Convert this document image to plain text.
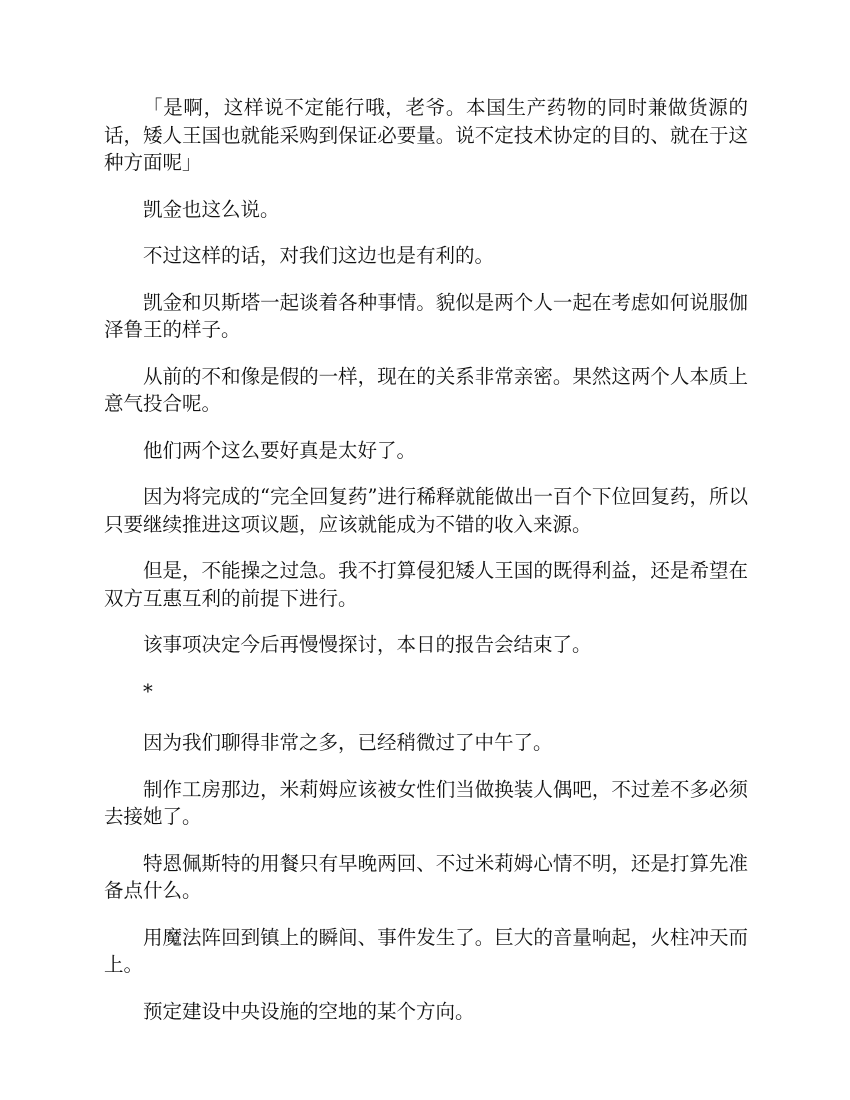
「是啊，这样说不定能行哦，老爷。本国生产药物的同时兼做货源的话，矮人王国也就能采购到保证必要量。说不定技术协定的目的、就在于这种方面呢」

凯金也这么说。

不过这样的话，对我们这边也是有利的。

凯金和贝斯塔一起谈着各种事情。貌似是两个人一起在考虑如何说服伽泽鲁王的样子。

从前的不和像是假的一样，现在的关系非常亲密。果然这两个人本质上意气投合呢。

他们两个这么要好真是太好了。

因为将完成的“完全回复药”进行稀释就能做出一百个下位回复药，所以只要继续推进这项议题，应该就能成为不错的收入来源。

但是，不能操之过急。我不打算侵犯矮人王国的既得利益，还是希望在双方互惠互利的前提下进行。

该事项决定今后再慢慢探讨，本日的报告会结束了。

*

因为我们聊得非常之多，已经稍微过了中午了。

制作工房那边，米莉姆应该被女性们当做换装人偶吧，不过差不多必须去接她了。

特恩佩斯特的用餐只有早晚两回、不过米莉姆心情不明，还是打算先准备点什么。

用魔法阵回到镇上的瞬间、事件发生了。巨大的音量响起，火柱冲天而上。

预定建设中央设施的空地的某个方向。
